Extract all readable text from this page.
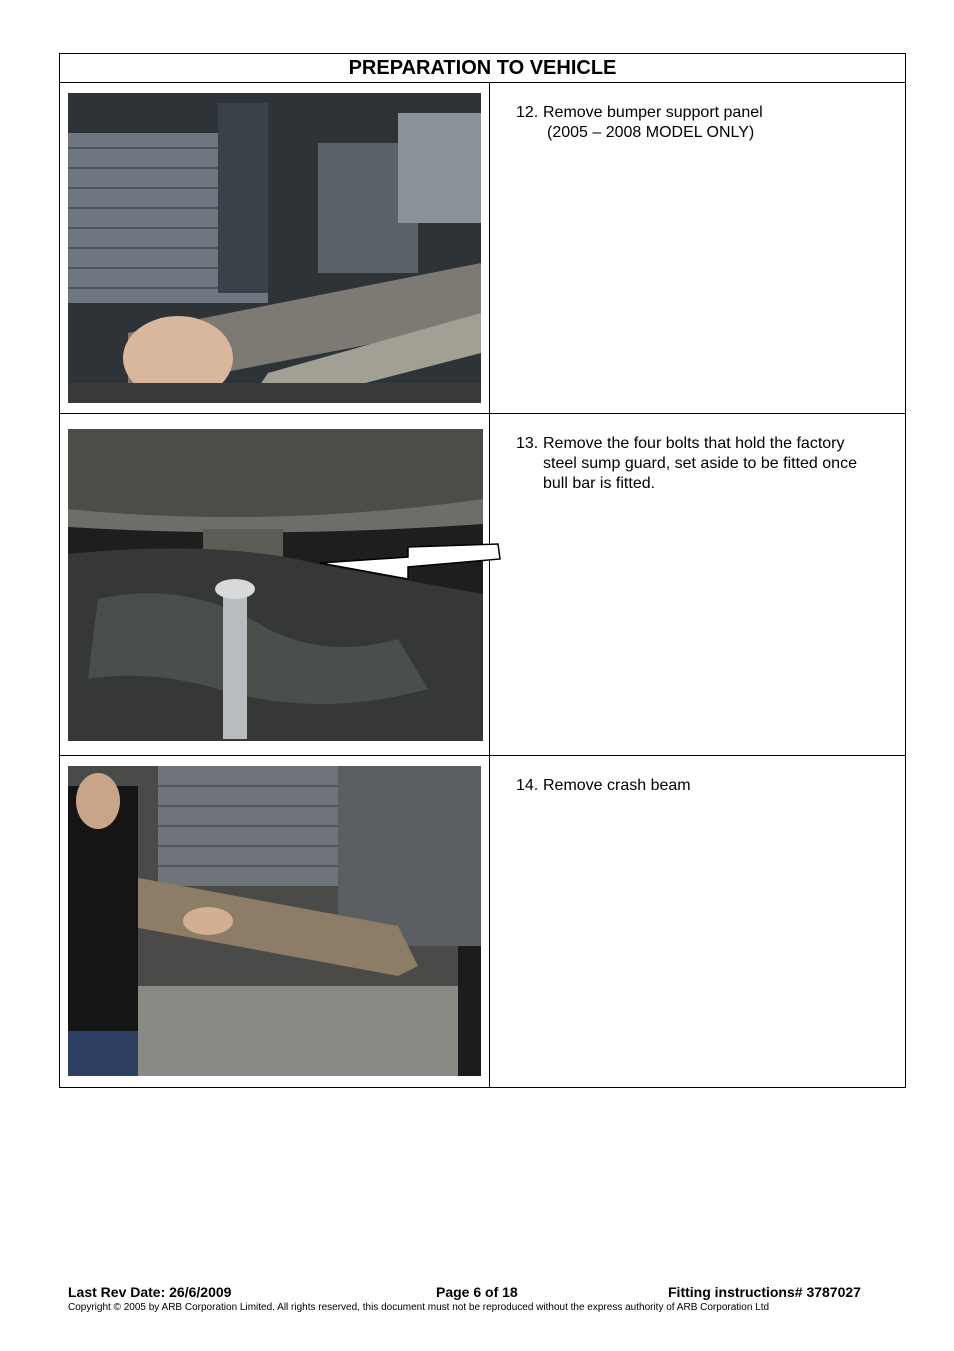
PREPARATION TO VEHICLE
12. Remove bumper support panel
(2005 – 2008 MODEL ONLY)
13. Remove the four bolts that hold the factory steel sump guard, set aside to be fitted once bull bar is fitted.
14. Remove crash beam
Last Rev Date: 26/6/2009	Page 6 of 18	Fitting instructions# 3787027
Copyright © 2005 by ARB Corporation Limited. All rights reserved, this document must not be reproduced without the express authority of ARB Corporation Ltd
